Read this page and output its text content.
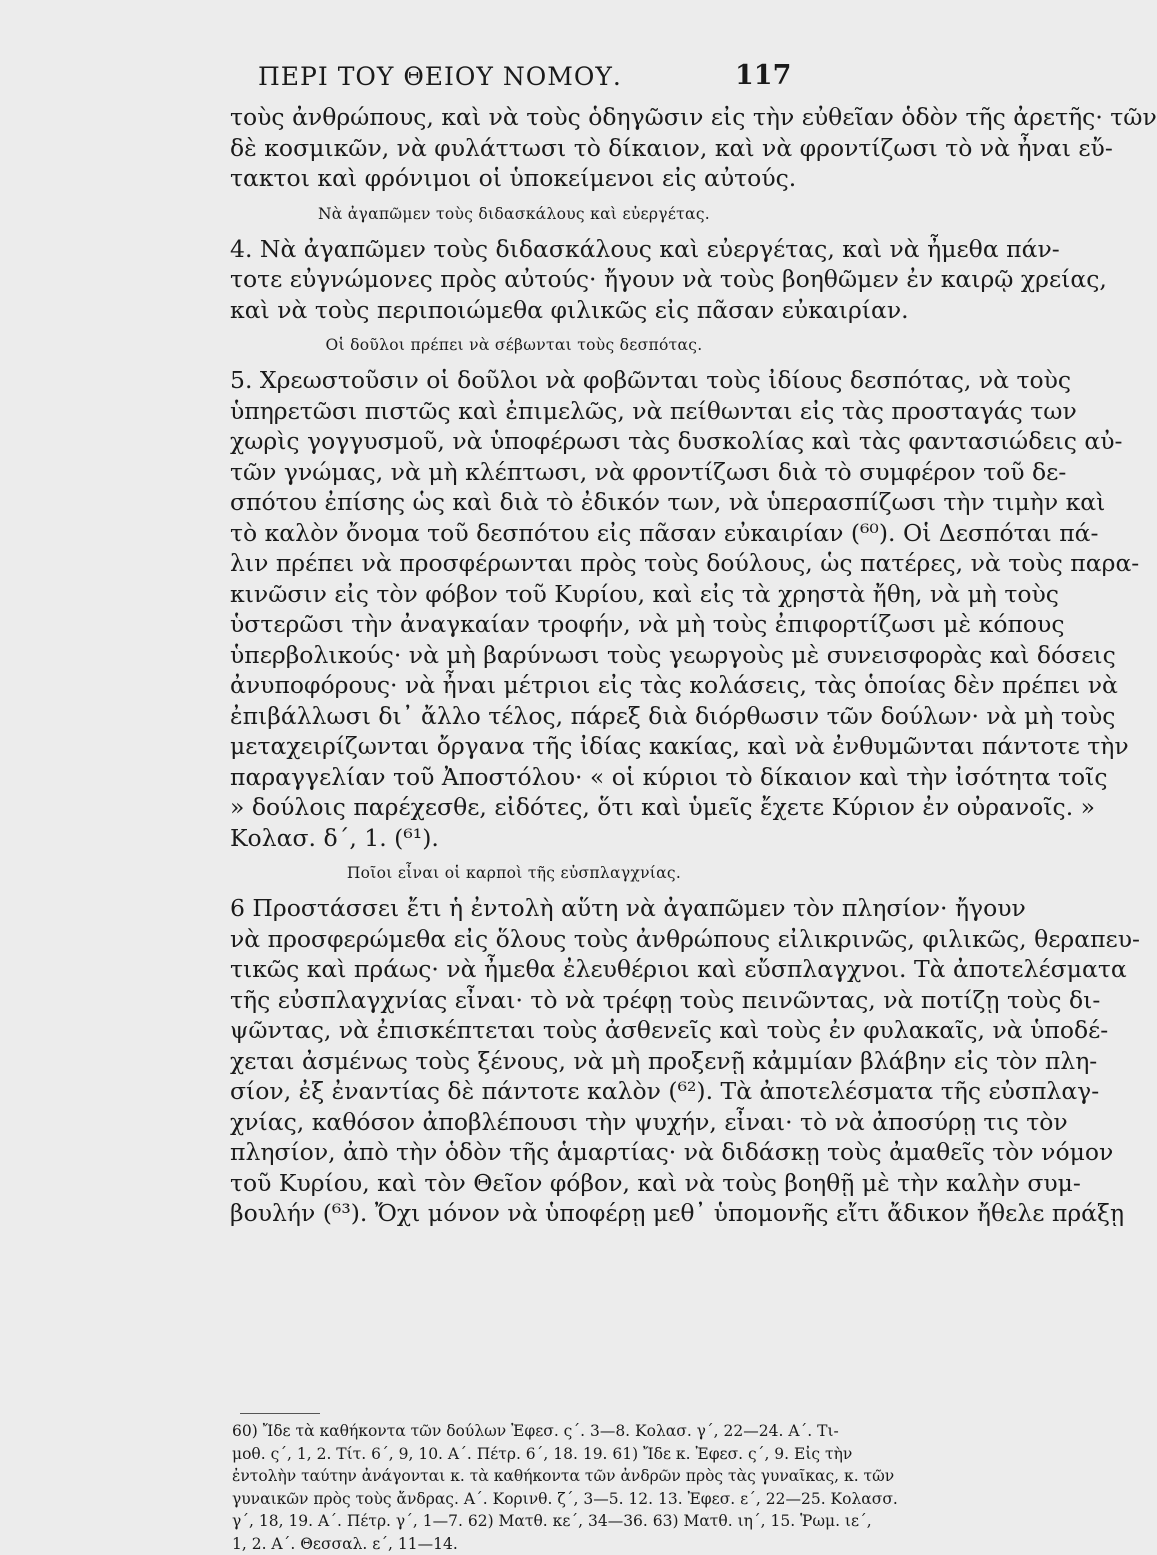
ΠΕΡΙ ΤΟΥ ΘΕΙΟΥ ΝΟΜΟΥ.	117
τοὺς ἀνθρώπους, καὶ νὰ τοὺς ὁδηγῶσιν εἰς τὴν εὐθεῖαν ὁδὸν τῆς ἀρετῆς· τῶν
δὲ κοσμικῶν, νὰ φυλάττωσι τὸ δίκαιον, καὶ νὰ φροντίζωσι τὸ νὰ ἦναι εὔ-
τακτοι καὶ φρόνιμοι οἱ ὑποκείμενοι εἰς αὐτούς.
Νὰ ἀγαπῶμεν τοὺς διδασκάλους καὶ εὐεργέτας.
4. Νὰ ἀγαπῶμεν τοὺς διδασκάλους καὶ εὐεργέτας, καὶ νὰ ἦμεθα πάν-
τοτε εὐγνώμονες πρὸς αὐτούς· ἤγουν νὰ τοὺς βοηθῶμεν ἐν καιρῷ χρείας,
καὶ νὰ τοὺς περιποιώμεθα φιλικῶς εἰς πᾶσαν εὐκαιρίαν.
Οἱ δοῦλοι πρέπει νὰ σέβωνται τοὺς δεσπότας.
5. Χρεωστοῦσιν οἱ δοῦλοι νὰ φοβῶνται τοὺς ἰδίους δεσπότας, νὰ τοὺς
ὑπηρετῶσι πιστῶς καὶ ἐπιμελῶς, νὰ πείθωνται εἰς τὰς προσταγάς των
χωρὶς γογγυσμοῦ, νὰ ὑποφέρωσι τὰς δυσκολίας καὶ τὰς φαντασιώδεις αὐ-
τῶν γνώμας, νὰ μὴ κλέπτωσι, νὰ φροντίζωσι διὰ τὸ συμφέρον τοῦ δε-
σπότου ἐπίσης ὡς καὶ διὰ τὸ ἐδικόν των, νὰ ὑπερασπίζωσι τὴν τιμὴν καὶ
τὸ καλὸν ὄνομα τοῦ δεσπότου εἰς πᾶσαν εὐκαιρίαν (⁶⁰). Οἱ Δεσπόται πά-
λιν πρέπει νὰ προσφέρωνται πρὸς τοὺς δούλους, ὡς πατέρες, νὰ τοὺς παρα-
κινῶσιν εἰς τὸν φόβον τοῦ Κυρίου, καὶ εἰς τὰ χρηστὰ ἤθη, νὰ μὴ τοὺς
ὑστερῶσι τὴν ἀναγκαίαν τροφήν, νὰ μὴ τοὺς ἐπιφορτίζωσι μὲ κόπους
ὑπερβολικούς· νὰ μὴ βαρύνωσι τοὺς γεωργοὺς μὲ συνεισφορὰς καὶ δόσεις
ἀνυποφόρους· νὰ ἦναι μέτριοι εἰς τὰς κολάσεις, τὰς ὁποίας δὲν πρέπει νὰ
ἐπιβάλλωσι δι᾽ ἄλλο τέλος, πάρεξ διὰ διόρθωσιν τῶν δούλων· νὰ μὴ τοὺς
μεταχειρίζωνται ὄργανα τῆς ἰδίας κακίας, καὶ νὰ ἐνθυμῶνται πάντοτε τὴν
παραγγελίαν τοῦ Ἀποστόλου· « οἱ κύριοι τὸ δίκαιον καὶ τὴν ἰσότητα τοῖς
» δούλοις παρέχεσθε, εἰδότες, ὅτι καὶ ὑμεῖς ἔχετε Κύριον ἐν οὐρανοῖς. »
Κολασ. δ΄, 1. (⁶¹).
Ποῖοι εἶναι οἱ καρποὶ τῆς εὐσπλαγχνίας.
6 Προστάσσει ἔτι ἡ ἐντολὴ αὕτη νὰ ἀγαπῶμεν τὸν πλησίον· ἤγουν
νὰ προσφερώμεθα εἰς ὅλους τοὺς ἀνθρώπους εἰλικρινῶς, φιλικῶς, θεραπευ-
τικῶς καὶ πράως· νὰ ἦμεθα ἐλευθέριοι καὶ εὔσπλαγχνοι. Τὰ ἀποτελέσματα
τῆς εὐσπλαγχνίας εἶναι· τὸ νὰ τρέφῃ τοὺς πεινῶντας, νὰ ποτίζῃ τοὺς δι-
ψῶντας, νὰ ἐπισκέπτεται τοὺς ἀσθενεῖς καὶ τοὺς ἐν φυλακαῖς, νὰ ὑποδέ-
χεται ἀσμένως τοὺς ξένους, νὰ μὴ προξενῇ κἀμμίαν βλάβην εἰς τὸν πλη-
σίον, ἐξ ἐναντίας δὲ πάντοτε καλὸν (⁶²). Τὰ ἀποτελέσματα τῆς εὐσπλαγ-
χνίας, καθόσον ἀποβλέπουσι τὴν ψυχήν, εἶναι· τὸ νὰ ἀποσύρῃ τις τὸν
πλησίον, ἀπὸ τὴν ὁδὸν τῆς ἁμαρτίας· νὰ διδάσκῃ τοὺς ἀμαθεῖς τὸν νόμον
τοῦ Κυρίου, καὶ τὸν Θεῖον φόβον, καὶ νὰ τοὺς βοηθῇ μὲ τὴν καλὴν συμ-
βουλήν (⁶³). Ὄχι μόνον νὰ ὑποφέρῃ μεθ᾽ ὑπομονῆς εἴτι ἄδικον ἤθελε πράξῃ
60) Ἴδε τὰ καθήκοντα τῶν δούλων Ἐφεσ. ς΄. 3—8. Κολασ. γ΄, 22—24. Α΄. Τι-
μοθ. ς΄, 1, 2. Τίτ. 6΄, 9, 10. Α΄. Πέτρ. 6΄, 18. 19. 61) Ἴδε κ. Ἐφεσ. ς΄, 9. Εἰς τὴν
ἐντολὴν ταύτην ἀνάγονται κ. τὰ καθήκοντα τῶν ἀνδρῶν πρὸς τὰς γυναῖκας, κ. τῶν
γυναικῶν πρὸς τοὺς ἄνδρας. Α΄. Κορινθ. ζ΄, 3—5. 12. 13. Ἐφεσ. ε΄, 22—25. Κολασσ.
γ΄, 18, 19. Α΄. Πέτρ. γ΄, 1—7. 62) Ματθ. κε΄, 34—36. 63) Ματθ. ιη΄, 15. Ῥωμ. ιε΄,
1, 2. Α΄. Θεσσαλ. ε΄, 11—14.
